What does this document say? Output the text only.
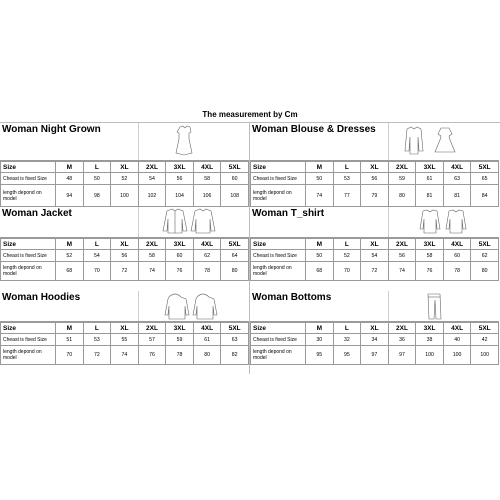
The measurement by Cm
Woman Night Grown
Size	M	L	XL	2XL	3XL	4XL	5XL
Cheast is fixed Size	48	50	52	54	56	58	60
length depond on model	94	98	100	102	104	106	108
Woman Blouse & Dresses
Size	M	L	XL	2XL	3XL	4XL	5XL
Cheast is fixed Size	50	53	56	59	61	63	65
length depond on model	74	77	79	80	81	81	84
Woman Jacket
Size	M	L	XL	2XL	3XL	4XL	5XL
Cheast is fixed Size	52	54	56	58	60	62	64
length depond on model	68	70	72	74	76	78	80
Woman T_shirt
Size	M	L	XL	2XL	3XL	4XL	5XL
Cheast is fixed Size	50	52	54	56	58	60	62
length depond on model	68	70	72	74	76	78	80
Woman Hoodies
Size	M	L	XL	2XL	3XL	4XL	5XL
Cheast is fixed Size	51	53	55	57	59	61	63
length depond on model	70	72	74	76	78	80	82
Woman Bottoms
Size	M	L	XL	2XL	3XL	4XL	5XL
Cheast is fixed Size	30	32	34	36	38	40	42
length depond on model	95	95	97	97	100	100	100
